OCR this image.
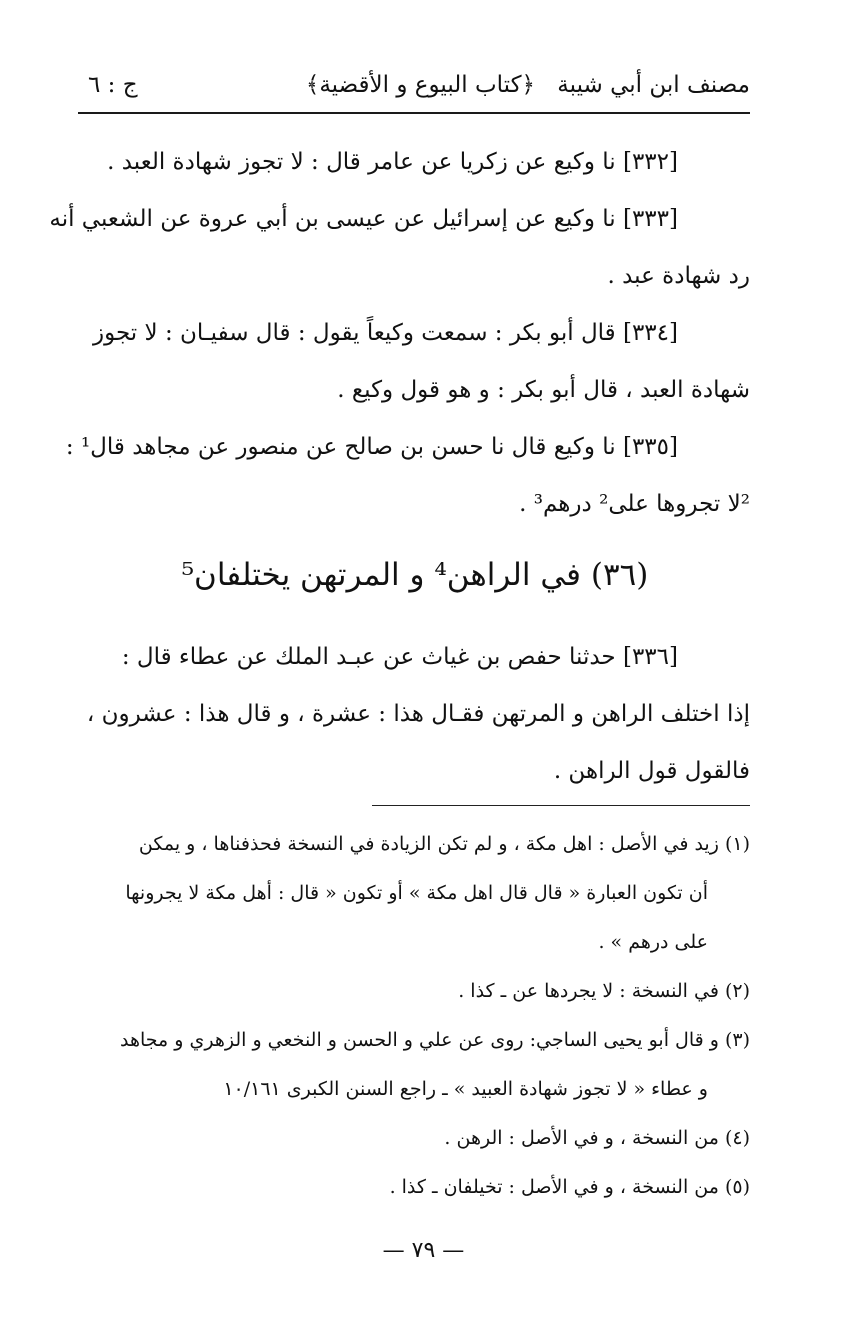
مصنف ابن أبي شيبة
﴿كتاب البيوع و الأقضية﴾
ج : ٦
[٣٣٢] نا وكيع عن زكريا عن عامر قال : لا تجوز شهادة العبد .
[٣٣٣] نا وكيع عن إسرائيل عن عيسى بن أبي عروة عن الشعبي أنه
رد شهادة عبد .
[٣٣٤] قال أبو بكر : سمعت وكيعاً يقول : قال سفيـان : لا تجوز
شهادة العبد ، قال أبو بكر : و هو قول وكيع .
[٣٣٥] نا وكيع قال نا حسن بن صالح عن منصور عن مجاهد قال¹ :
²لا تجروها على² درهم³ .
(٣٦) في الراهن⁴ و المرتهن يختلفان⁵
[٣٣٦] حدثنا حفص بن غياث عن عبـد الملك عن عطاء قال :
إذا اختلف الراهن و المرتهن فقـال هذا : عشرة ، و قال هذا : عشرون ،
فالقول قول الراهن .
(١) زيد في الأصل : اهل مكة ، و لم تكن الزيادة في النسخة فحذفناها ، و يمكن
أن تكون العبارة « قال قال اهل مكة » أو تكون « قال : أهل مكة لا يجرونها
على درهم » .
(٢) في النسخة : لا يجردها عن ـ كذا .
(٣) و قال أبو يحيى الساجي: روى عن علي و الحسن و النخعي و الزهري و مجاهد
و عطاء « لا تجوز شهادة العبيد » ـ راجع السنن الكبرى ١٠/١٦١
(٤) من النسخة ، و في الأصل : الرهن .
(٥) من النسخة ، و في الأصل : تخيلفان ـ كذا .
— ٧٩ —
